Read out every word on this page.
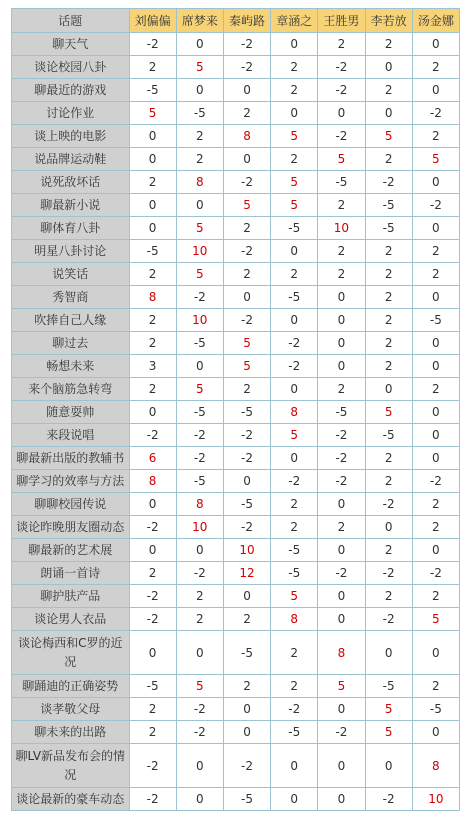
话题	刘偏偏	席梦来	秦屿路	章涵之	王胜男	李若放	汤金娜
聊天气	-2	0	-2	0	2	2	0
谈论校园八卦	2	5	-2	2	-2	0	2
聊最近的游戏	-5	0	0	2	-2	2	0
讨论作业	5	-5	2	0	0	0	-2
谈上映的电影	0	2	8	5	-2	5	2
说品牌运动鞋	0	2	0	2	5	2	5
说死敌坏话	2	8	-2	5	-5	-2	0
聊最新小说	0	0	5	5	2	-5	-2
聊体育八卦	0	5	2	-5	10	-5	0
明星八卦讨论	-5	10	-2	0	2	2	2
说笑话	2	5	2	2	2	2	2
秀智商	8	-2	0	-5	0	2	0
吹捧自己人缘	2	10	-2	0	0	2	-5
聊过去	2	-5	5	-2	0	2	0
畅想未来	3	0	5	-2	0	2	0
来个脑筋急转弯	2	5	2	0	2	0	2
随意耍帅	0	-5	-5	8	-5	5	0
来段说唱	-2	-2	-2	5	-2	-5	0
聊最新出版的教辅书	6	-2	-2	0	-2	2	0
聊学习的效率与方法	8	-5	0	-2	-2	2	-2
聊聊校园传说	0	8	-5	2	0	-2	2
谈论昨晚朋友圈动态	-2	10	-2	2	2	0	2
聊最新的艺术展	0	0	10	-5	0	2	0
朗诵一首诗	2	-2	12	-5	-2	-2	-2
聊护肤产品	-2	2	0	5	0	2	2
谈论男人衣品	-2	2	2	8	0	-2	5
谈论梅西和C罗的近况	0	0	-5	2	8	0	0
聊踊迪的正确姿势	-5	5	2	2	5	-5	2
谈孝敬父母	2	-2	0	-2	0	5	-5
聊未来的出路	2	-2	0	-5	-2	5	0
聊LV新品发布会的情况	-2	0	-2	0	0	0	8
谈论最新的豪车动态	-2	0	-5	0	0	-2	10
